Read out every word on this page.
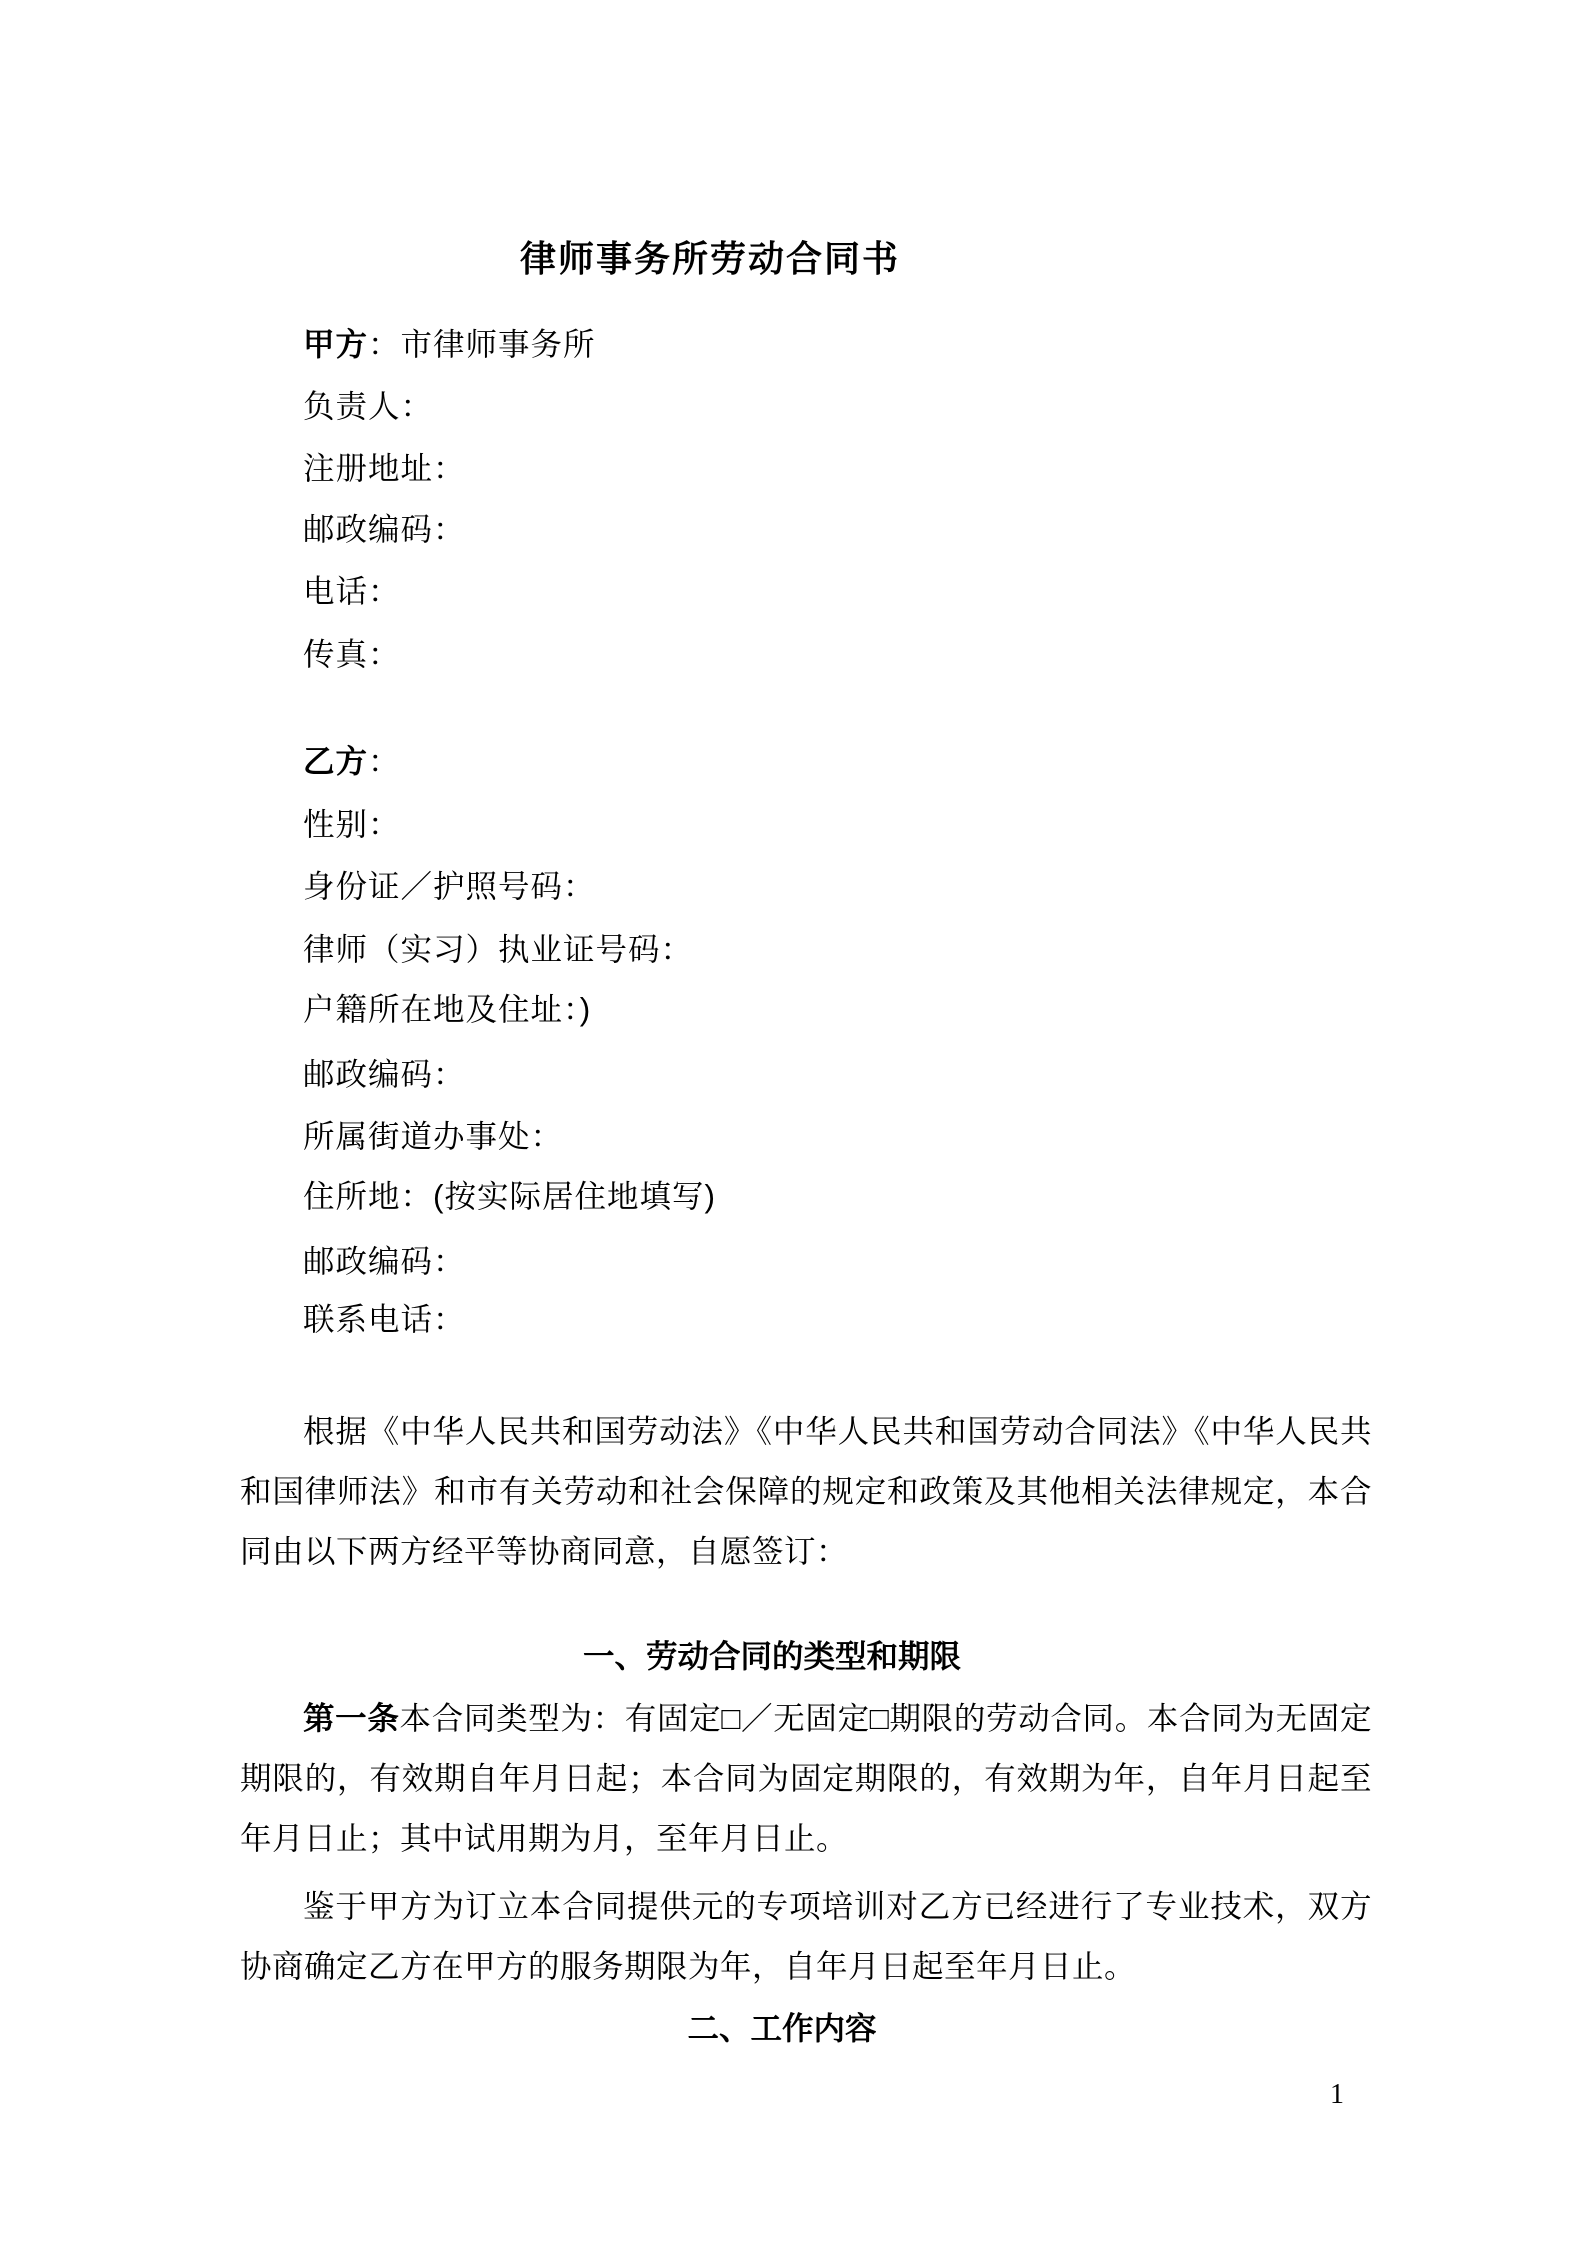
律师事务所劳动合同书
甲方：市律师事务所
负责人：
注册地址：
邮政编码：
电话：
传真：
乙方：
性别：
身份证／护照号码：
律师（实习）执业证号码：
户籍所在地及住址：)
邮政编码：
所属街道办事处：
住所地：(按实际居住地填写)
邮政编码：
联系电话：

根据《中华人民共和国劳动法》《中华人民共和国劳动合同法》《中华人民共和国律师法》和市有关劳动和社会保障的规定和政策及其他相关法律规定，本合同由以下两方经平等协商同意，自愿签订：

一、劳动合同的类型和期限

第一条本合同类型为：有固定□／无固定□期限的劳动合同。本合同为无固定期限的，有效期自年月日起；本合同为固定期限的，有效期为年，自年月日起至年月日止；其中试用期为月，至年月日止。

鉴于甲方为订立本合同提供元的专项培训对乙方已经进行了专业技术，双方协商确定乙方在甲方的服务期限为年，自年月日起至年月日止。

二、工作内容
1
